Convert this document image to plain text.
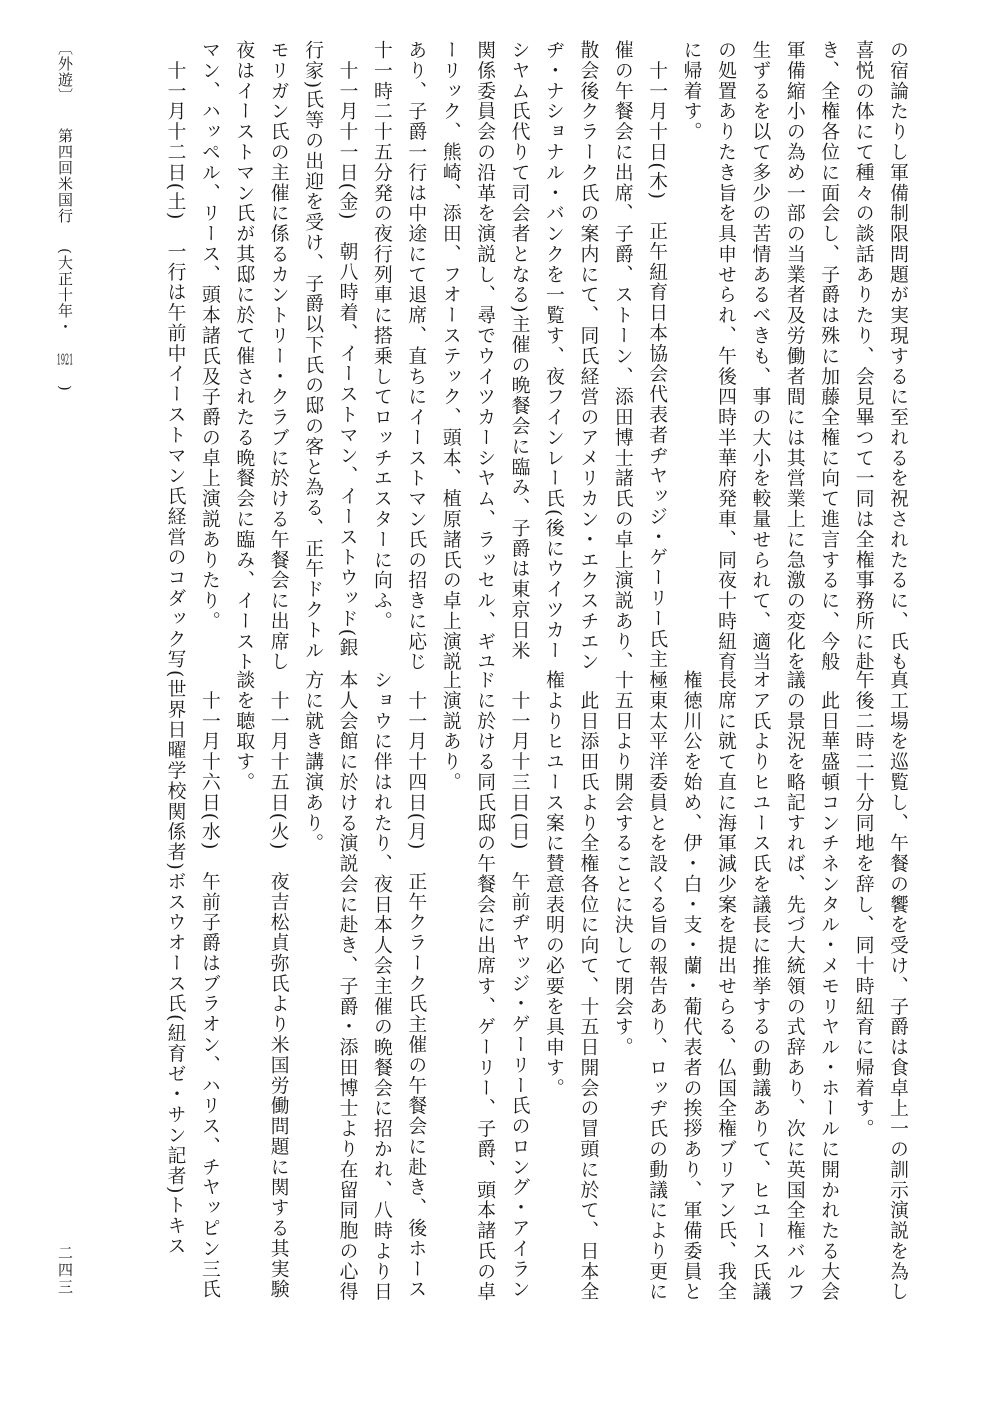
の宿論たりし軍備制限問題が実現するに至れるを祝されたるに、氏も

喜悦の体にて種々の談話ありたり、会見畢つて一同は全権事務所に赴

き、全権各位に面会し、子爵は殊に加藤全権に向て進言するに、今般

軍備縮小の為め一部の当業者及労働者間には其営業上に急激の変化を

生ずるを以て多少の苦情あるべきも、事の大小を較量せられて、適当

の処置ありたき旨を具申せられ、午後四時半華府発車、同夜十時紐育

に帰着す。

　十一月十日(木)　正午紐育日本協会代表者ヂヤッジ・ゲーリー氏主

催の午餐会に出席、子爵、ストーン、添田博士諸氏の卓上演説あり、

散会後クラーク氏の案内にて、同氏経営のアメリカン・エクスチエン

ヂ・ナショナル・バンクを一覧す、夜フインレー氏(後にウイツカー

シヤム氏代りて司会者となる)主催の晩餐会に臨み、子爵は東京日米

関係委員会の沿革を演説し、尋でウイツカーシヤム、ラッセル、ギユ

ーリック、熊崎、添田、フオーステック、頭本、植原諸氏の卓上演説

あり、子爵一行は中途にて退席、直ちにイーストマン氏の招きに応じ

十一時二十五分発の夜行列車に搭乗してロッチエスターに向ふ。

　十一月十一日(金)　朝八時着、イーストマン、イーストウッド(銀

行家)氏等の出迎を受け、子爵以下氏の邸の客と為る、正午ドクトル

モリガン氏の主催に係るカントリー・クラブに於ける午餐会に出席し

夜はイーストマン氏が其邸に於て催されたる晩餐会に臨み、イースト

マン、ハッペル、リース、頭本諸氏及子爵の卓上演説ありたり。

　十一月十二日(土)　一行は午前中イーストマン氏経営のコダック写

真工場を巡覧し、午餐の饗を受け、子爵は食卓上一の訓示演説を為し

午後二時二十分同地を辞し、同十時紐育に帰着す。

　此日華盛頓コンチネンタル・メモリヤル・ホールに開かれたる大会

議の景況を略記すれば、先づ大統領の式辞あり、次に英国全権バルフ

オア氏よりヒユース氏を議長に推挙するの動議ありて、ヒユース氏議

長席に就て直に海軍減少案を提出せらる、仏国全権ブリアン氏、我全

権徳川公を始め、伊・白・支・蘭・葡代表者の挨拶あり、軍備委員と

極東太平洋委員とを設くる旨の報告あり、ロッヂ氏の動議により更に

十五日より開会することに決して閉会す。

　此日添田氏より全権各位に向て、十五日開会の冒頭に於て、日本全

権よりヒユース案に賛意表明の必要を具申す。

　十一月十三日(日)　午前ヂヤッジ・ゲーリー氏のロング・アイラン

ドに於ける同氏邸の午餐会に出席す、ゲーリー、子爵、頭本諸氏の卓

上演説あり。

　十一月十四日(月)　正午クラーク氏主催の午餐会に赴き、後ホース

ショウに伴はれたり、夜日本人会主催の晩餐会に招かれ、八時より日

本人会館に於ける演説会に赴き、子爵・添田博士より在留同胞の心得

方に就き講演あり。

　十一月十五日(火)　夜吉松貞弥氏より米国労働問題に関する其実験

談を聴取す。

　十一月十六日(水)　午前子爵はブラオン、ハリス、チヤッピン三氏

(世界日曜学校関係者)ボスウオース氏(紐育ゼ・サン記者)トキス

〔外遊〕 第四回米国行 (大正十年・1921)
二四三
